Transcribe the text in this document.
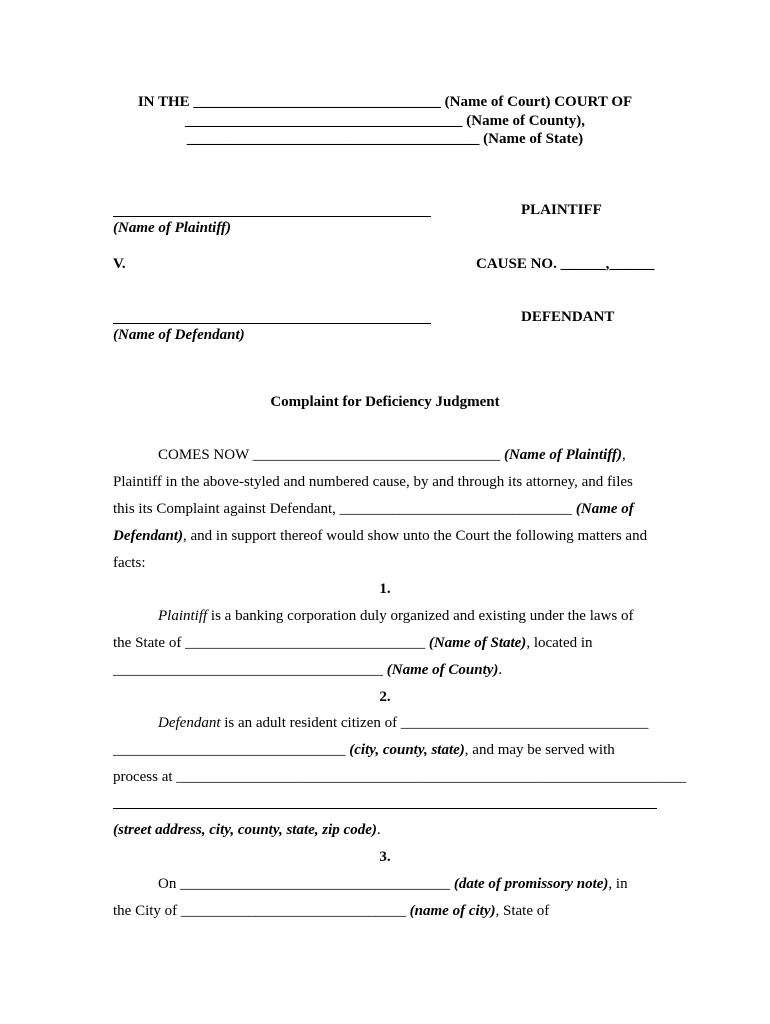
IN THE _________________________________ (Name of Court) COURT OF
_____________________________________ (Name of County),
_______________________________________ (Name of State)
PLAINTIFF
(Name of Plaintiff)
V.	CAUSE NO. ______,______
DEFENDANT
(Name of Defendant)
Complaint for Deficiency Judgment
COMES NOW _________________________________ (Name of Plaintiff),
Plaintiff in the above-styled and numbered cause, by and through its attorney, and files
this its Complaint against Defendant, _______________________________ (Name of
Defendant), and in support thereof would show unto the Court the following matters and
facts:
1.
Plaintiff is a banking corporation duly organized and existing under the laws of
the State of ________________________________ (Name of State), located in
____________________________________ (Name of County).
2.
Defendant is an adult resident citizen of _________________________________
_______________________________ (city, county, state), and may be served with
process at ____________________________________________________________________
(street address, city, county, state, zip code).
3.
On ____________________________________ (date of promissory note), in
the City of ______________________________ (name of city), State of
